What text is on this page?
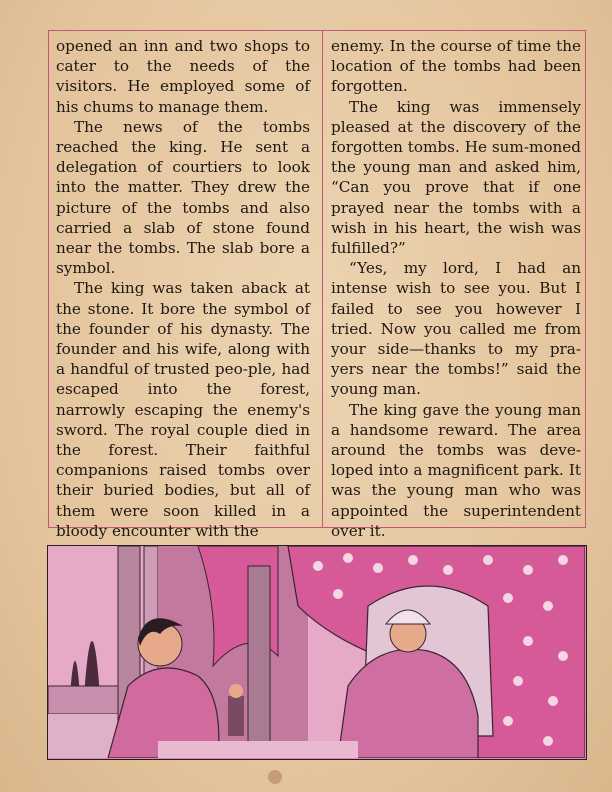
opened an inn and two shops to cater to the needs of the visitors. He employed some of his chums to manage them.

The news of the tombs reached the king. He sent a delegation of courtiers to look into the matter. They drew the picture of the tombs and also carried a slab of stone found near the tombs. The slab bore a symbol.

The king was taken aback at the stone. It bore the symbol of the founder of his dynasty. The founder and his wife, along with a handful of trusted peo-ple, had escaped into the forest, narrowly escaping the enemy's sword. The royal couple died in the forest. Their faithful companions raised tombs over their buried bodies, but all of them were soon killed in a bloody encounter with the

enemy. In the course of time the location of the tombs had been forgotten.

The king was immensely pleased at the discovery of the forgotten tombs. He sum-moned the young man and asked him, “Can you prove that if one prayed near the tombs with a wish in his heart, the wish was fulfilled?”

“Yes, my lord, I had an intense wish to see you. But I failed to see you however I tried. Now you called me from your side—thanks to my pra-yers near the tombs!” said the young man.

The king gave the young man a handsome reward. The area around the tombs was deve-loped into a magnificent park. It was the young man who was appointed the superintendent over it.
